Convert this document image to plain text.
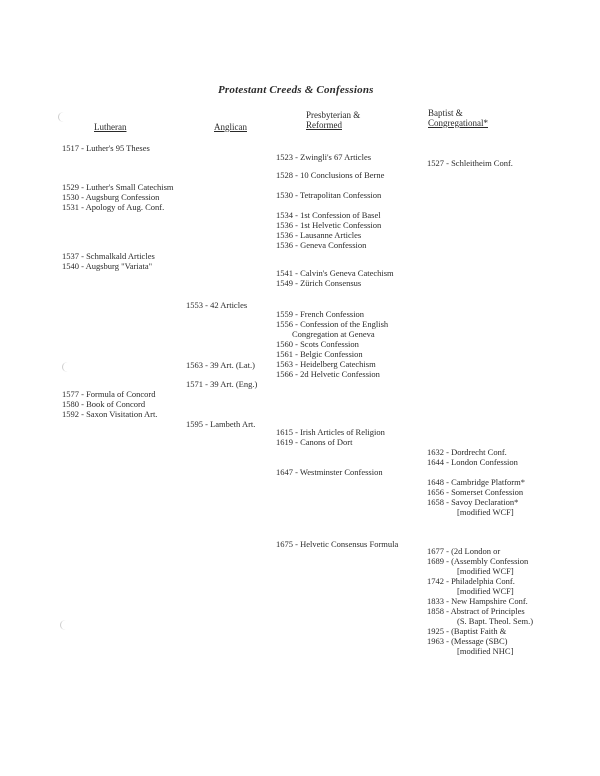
Protestant Creeds & Confessions
Lutheran	Anglican
Presbyterian &
Reformed
Baptist &
Congregational*
1517 - Luther's 95 Theses
1529 - Luther's Small Catechism
1530 - Augsburg Confession
1531 - Apology of Aug. Conf.
1537 - Schmalkald Articles
1540 - Augsburg "Variata"
1577 - Formula of Concord
1580 - Book of Concord
1592 - Saxon Visitation Art.
1553 - 42 Articles
1563 - 39 Art. (Lat.)
1571 - 39 Art. (Eng.)
1595 - Lambeth Art.
1523 - Zwingli's 67 Articles
1528 - 10 Conclusions of Berne
1530 - Tetrapolitan Confession
1534 - 1st Confession of Basel
1536 - 1st Helvetic Confession
1536 - Lausanne Articles
1536 - Geneva Confession
1541 - Calvin's Geneva Catechism
1549 - Zürich Consensus
1559 - French Confession
1556 - Confession of the English
Congregation at Geneva
1560 - Scots Confession
1561 - Belgic Confession
1563 - Heidelberg Catechism
1566 - 2d Helvetic Confession
1615 - Irish Articles of Religion
1619 - Canons of Dort
1647 - Westminster Confession
1675 - Helvetic Consensus Formula
1527 - Schleitheim Conf.
1632 - Dordrecht Conf.
1644 - London Confession
1648 - Cambridge Platform*
1656 - Somerset Confession
1658 - Savoy Declaration*
[modified WCF]
1677 - (2d London or
1689 - (Assembly Confession
[modified WCF]
1742 - Philadelphia Conf.
[modified WCF]
1833 - New Hampshire Conf.
1858 - Abstract of Principles
(S. Bapt. Theol. Sem.)
1925 - (Baptist Faith &
1963 - (Message (SBC)
[modified NHC]
